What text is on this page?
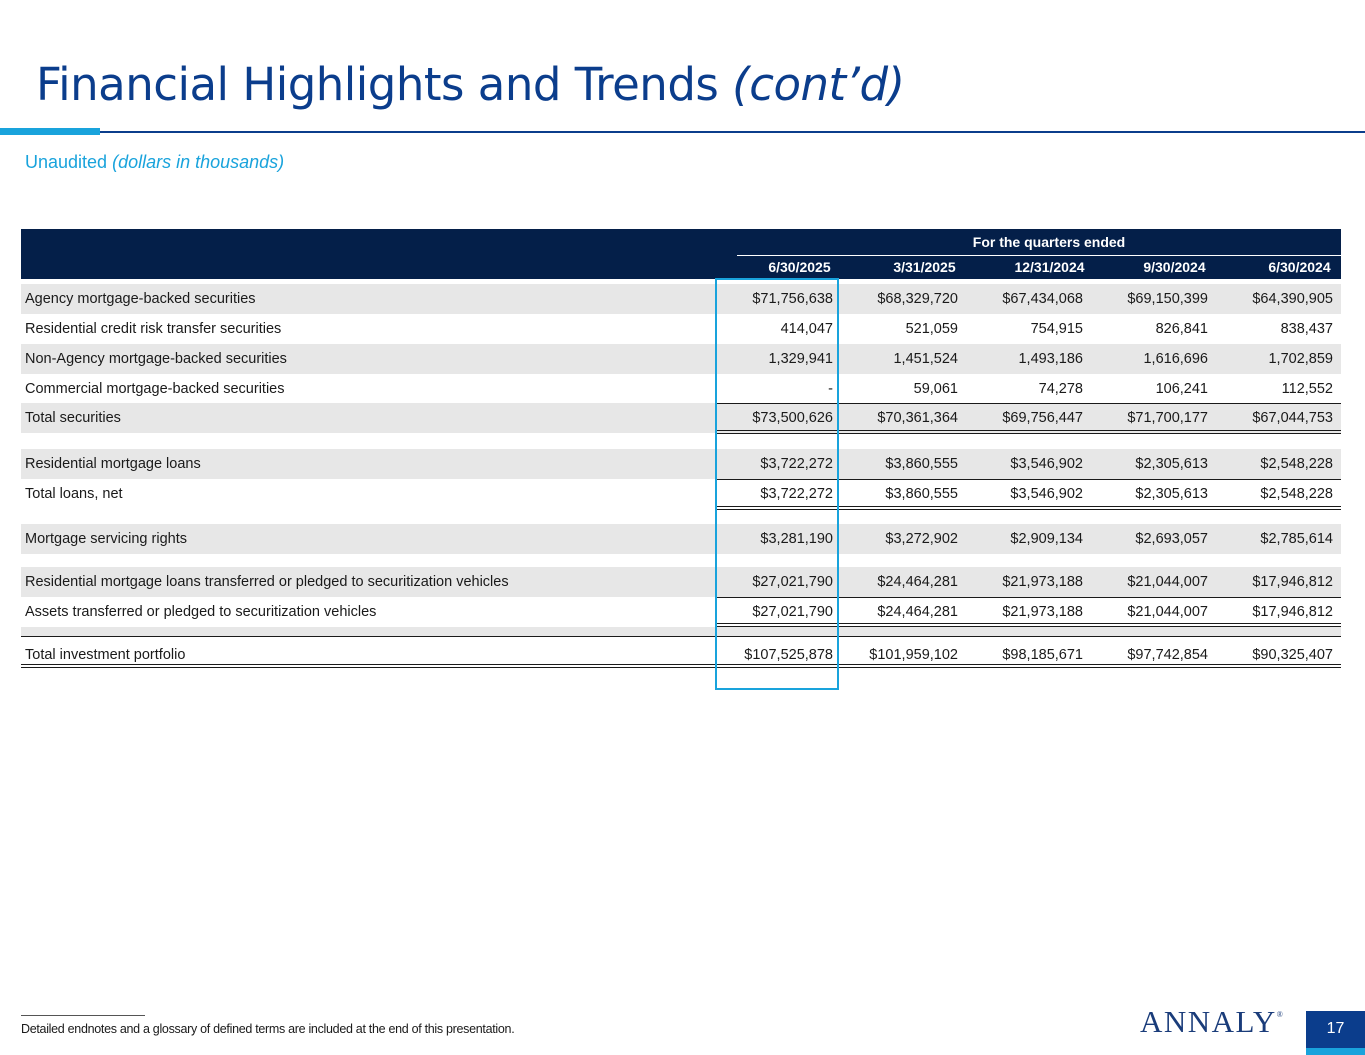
Financial Highlights and Trends (cont’d)
Unaudited (dollars in thousands)
For the quarters ended
6/30/2025	3/31/2025	12/31/2024	9/30/2024	6/30/2024
Agency mortgage-backed securities	$71,756,638	$68,329,720	$67,434,068	$69,150,399	$64,390,905
Residential credit risk transfer securities	414,047	521,059	754,915	826,841	838,437
Non-Agency mortgage-backed securities	1,329,941	1,451,524	1,493,186	1,616,696	1,702,859
Commercial mortgage-backed securities	-	59,061	74,278	106,241	112,552
Total securities	$73,500,626	$70,361,364	$69,756,447	$71,700,177	$67,044,753
Residential mortgage loans	$3,722,272	$3,860,555	$3,546,902	$2,305,613	$2,548,228
Total loans, net	$3,722,272	$3,860,555	$3,546,902	$2,305,613	$2,548,228
Mortgage servicing rights	$3,281,190	$3,272,902	$2,909,134	$2,693,057	$2,785,614
Residential mortgage loans transferred or pledged to securitization vehicles	$27,021,790	$24,464,281	$21,973,188	$21,044,007	$17,946,812
Assets transferred or pledged to securitization vehicles	$27,021,790	$24,464,281	$21,973,188	$21,044,007	$17,946,812
Total investment portfolio	$107,525,878	$101,959,102	$98,185,671	$97,742,854	$90,325,407
Detailed endnotes and a glossary of defined terms are included at the end of this presentation.	ANNALY®
17
